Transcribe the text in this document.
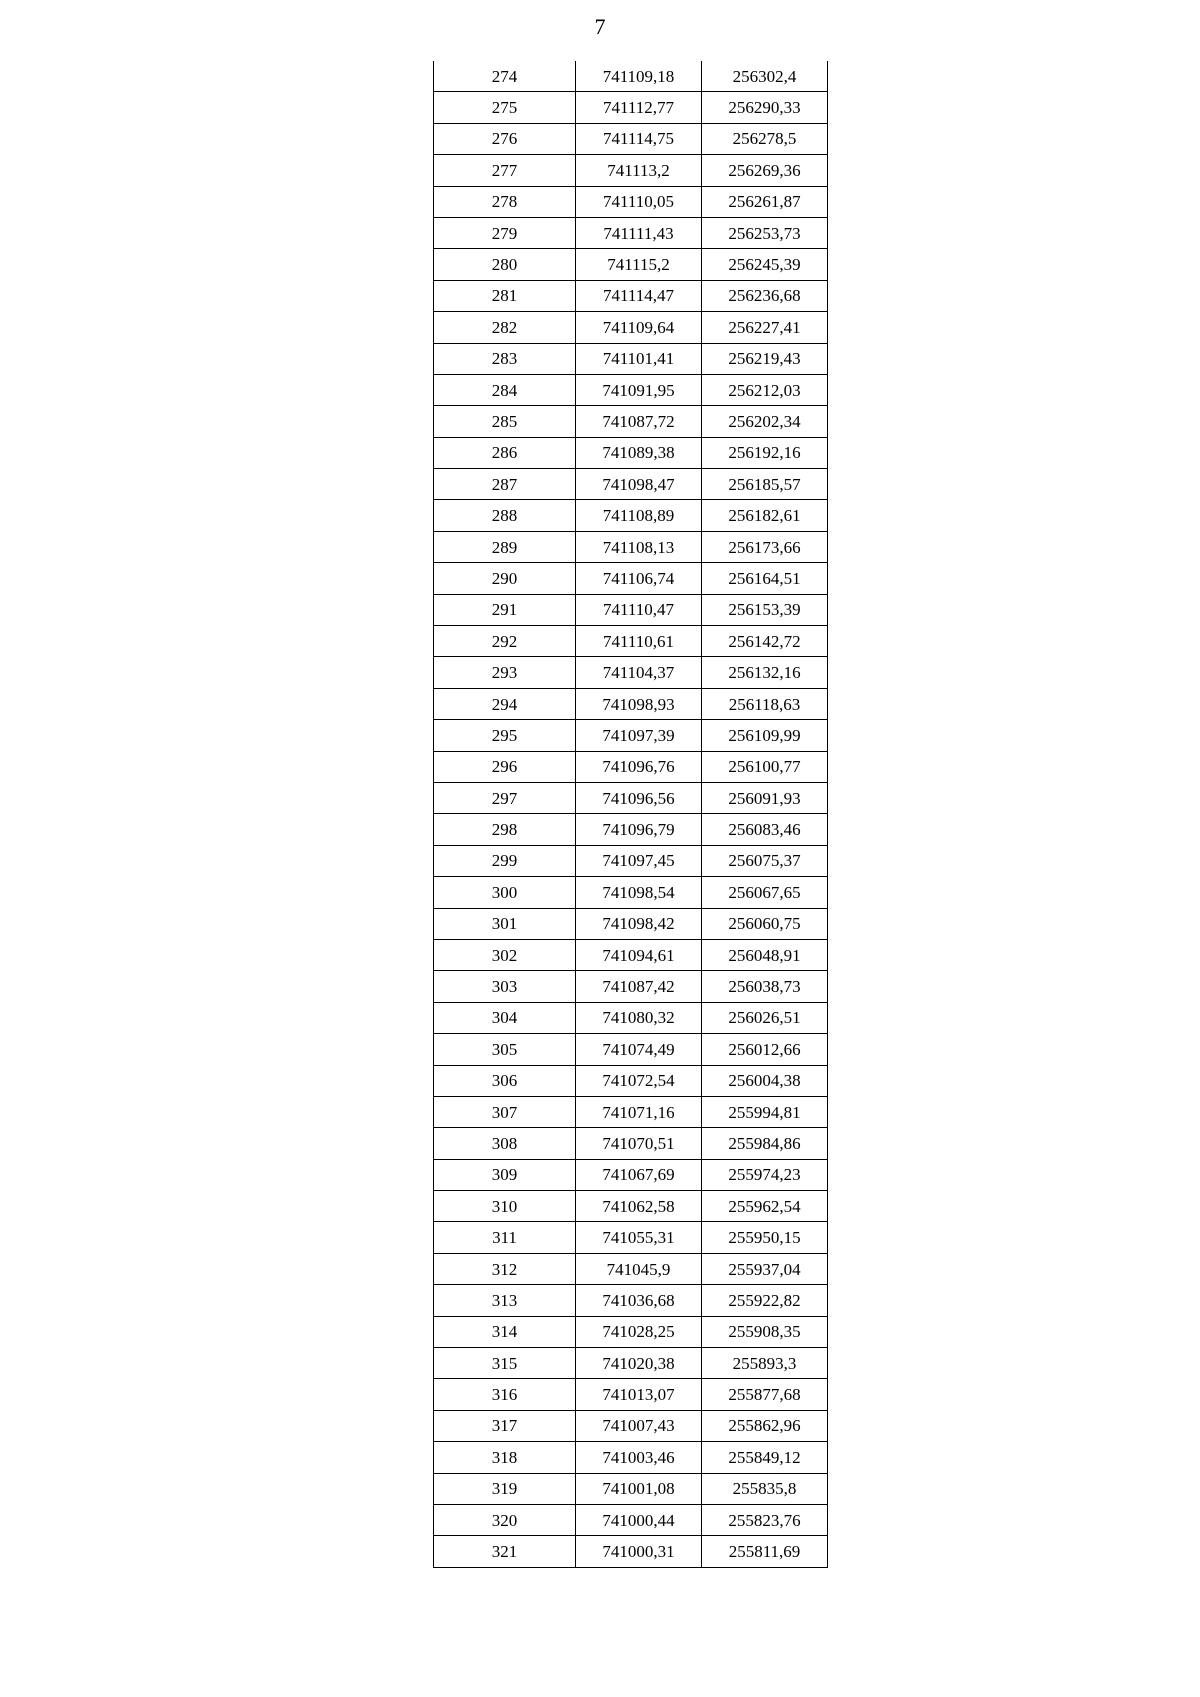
7
274	741109,18	256302,4
275	741112,77	256290,33
276	741114,75	256278,5
277	741113,2	256269,36
278	741110,05	256261,87
279	741111,43	256253,73
280	741115,2	256245,39
281	741114,47	256236,68
282	741109,64	256227,41
283	741101,41	256219,43
284	741091,95	256212,03
285	741087,72	256202,34
286	741089,38	256192,16
287	741098,47	256185,57
288	741108,89	256182,61
289	741108,13	256173,66
290	741106,74	256164,51
291	741110,47	256153,39
292	741110,61	256142,72
293	741104,37	256132,16
294	741098,93	256118,63
295	741097,39	256109,99
296	741096,76	256100,77
297	741096,56	256091,93
298	741096,79	256083,46
299	741097,45	256075,37
300	741098,54	256067,65
301	741098,42	256060,75
302	741094,61	256048,91
303	741087,42	256038,73
304	741080,32	256026,51
305	741074,49	256012,66
306	741072,54	256004,38
307	741071,16	255994,81
308	741070,51	255984,86
309	741067,69	255974,23
310	741062,58	255962,54
311	741055,31	255950,15
312	741045,9	255937,04
313	741036,68	255922,82
314	741028,25	255908,35
315	741020,38	255893,3
316	741013,07	255877,68
317	741007,43	255862,96
318	741003,46	255849,12
319	741001,08	255835,8
320	741000,44	255823,76
321	741000,31	255811,69
